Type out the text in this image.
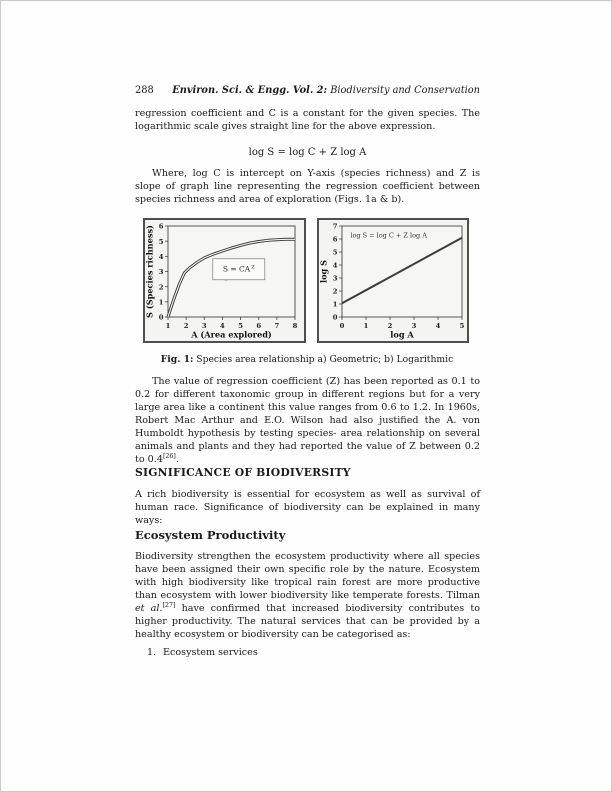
288 Environ. Sci. & Engg. Vol. 2: Biodiversity and Conservation
regression coefficient and C is a constant for the given species. The logarithmic scale gives straight line for the above expression.
log S = log C + Z log A
Where, log C is intercept on Y-axis (species richness) and Z is slope of graph line representing the regression coefficient between species richness and area of exploration (Figs. 1a & b).
1 2 3 4 5 6 7 8
0
1
2
3
4
5
6
$S = CA^Z$
A (Area explored)
S (Species richness)
0	1	2	3	4	5
0
1
2
3
4
5
6
7
log S = log C + Z log A
log A
log S
Fig. 1: Species area relationship a) Geometric; b) Logarithmic
The value of regression coefficient (Z) has been reported as 0.1 to 0.2 for different taxonomic group in different regions but for a very large area like a continent this value ranges from 0.6 to 1.2. In 1960s, Robert Mac Arthur and E.O. Wilson had also justified the A. von Humboldt hypothesis by testing species- area relationship on several animals and plants and they had reported the value of Z between 0.2 to 0.4[26].
SIGNIFICANCE OF BIODIVERSITY
A rich biodiversity is essential for ecosystem as well as survival of human race. Significance of biodiversity can be explained in many ways:
Ecosystem Productivity
Biodiversity strengthen the ecosystem productivity where all species have been assigned their own specific role by the nature. Ecosystem with high biodiversity like tropical rain forest are more productive than ecosystem with lower biodiversity like temperate forests. Tilman et al.[27] have confirmed that increased biodiversity contributes to higher productivity. The natural services that can be provided by a healthy ecosystem or biodiversity can be categorised as:
1. Ecosystem services
